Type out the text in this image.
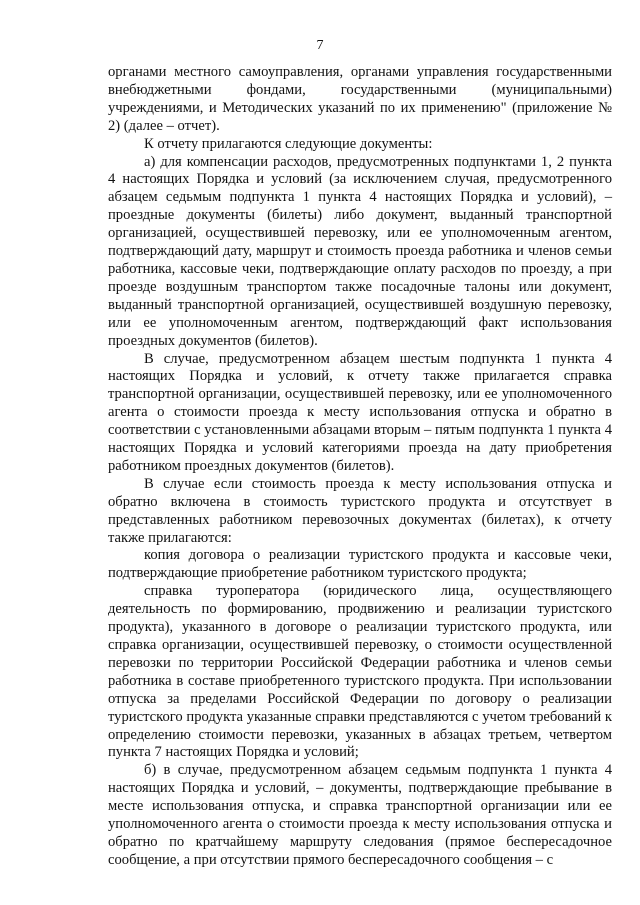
7

органами местного самоуправления, органами управления государственными внебюджетными фондами, государственными (муниципальными) учреждениями, и Методических указаний по их применению" (приложение № 2) (далее – отчет).

К отчету прилагаются следующие документы:

а) для компенсации расходов, предусмотренных подпунктами 1, 2 пункта 4 настоящих Порядка и условий (за исключением случая, предусмотренного абзацем седьмым подпункта 1 пункта 4 настоящих Порядка и условий), – проездные документы (билеты) либо документ, выданный транспортной организацией, осуществившей перевозку, или ее уполномоченным агентом, подтверждающий дату, маршрут и стоимость проезда работника и членов семьи работника, кассовые чеки, подтверждающие оплату расходов по проезду, а при проезде воздушным транспортом также посадочные талоны или документ, выданный транспортной организацией, осуществившей воздушную перевозку, или ее уполномоченным агентом, подтверждающий факт использования проездных документов (билетов).

В случае, предусмотренном абзацем шестым подпункта 1 пункта 4 настоящих Порядка и условий, к отчету также прилагается справка транспортной организации, осуществившей перевозку, или ее уполномоченного агента о стоимости проезда к месту использования отпуска и обратно в соответствии с установленными абзацами вторым – пятым подпункта 1 пункта 4 настоящих Порядка и условий категориями проезда на дату приобретения работником проездных документов (билетов).

В случае если стоимость проезда к месту использования отпуска и обратно включена в стоимость туристского продукта и отсутствует в представленных работником перевозочных документах (билетах), к отчету также прилагаются:

копия договора о реализации туристского продукта и кассовые чеки, подтверждающие приобретение работником туристского продукта;

справка туроператора (юридического лица, осуществляющего деятельность по формированию, продвижению и реализации туристского продукта), указанного в договоре о реализации туристского продукта, или справка организации, осуществившей перевозку, о стоимости осуществленной перевозки по территории Российской Федерации работника и членов семьи работника в составе приобретенного туристского продукта. При использовании отпуска за пределами Российской Федерации по договору о реализации туристского продукта указанные справки представляются с учетом требований к определению стоимости перевозки, указанных в абзацах третьем, четвертом пункта 7 настоящих Порядка и условий;

б) в случае, предусмотренном абзацем седьмым подпункта 1 пункта 4 настоящих Порядка и условий, – документы, подтверждающие пребывание в месте использования отпуска, и справка транспортной организации или ее уполномоченного агента о стоимости проезда к месту использования отпуска и обратно по кратчайшему маршруту следования (прямое беспересадочное сообщение, а при отсутствии прямого беспересадочного сообщения – с
